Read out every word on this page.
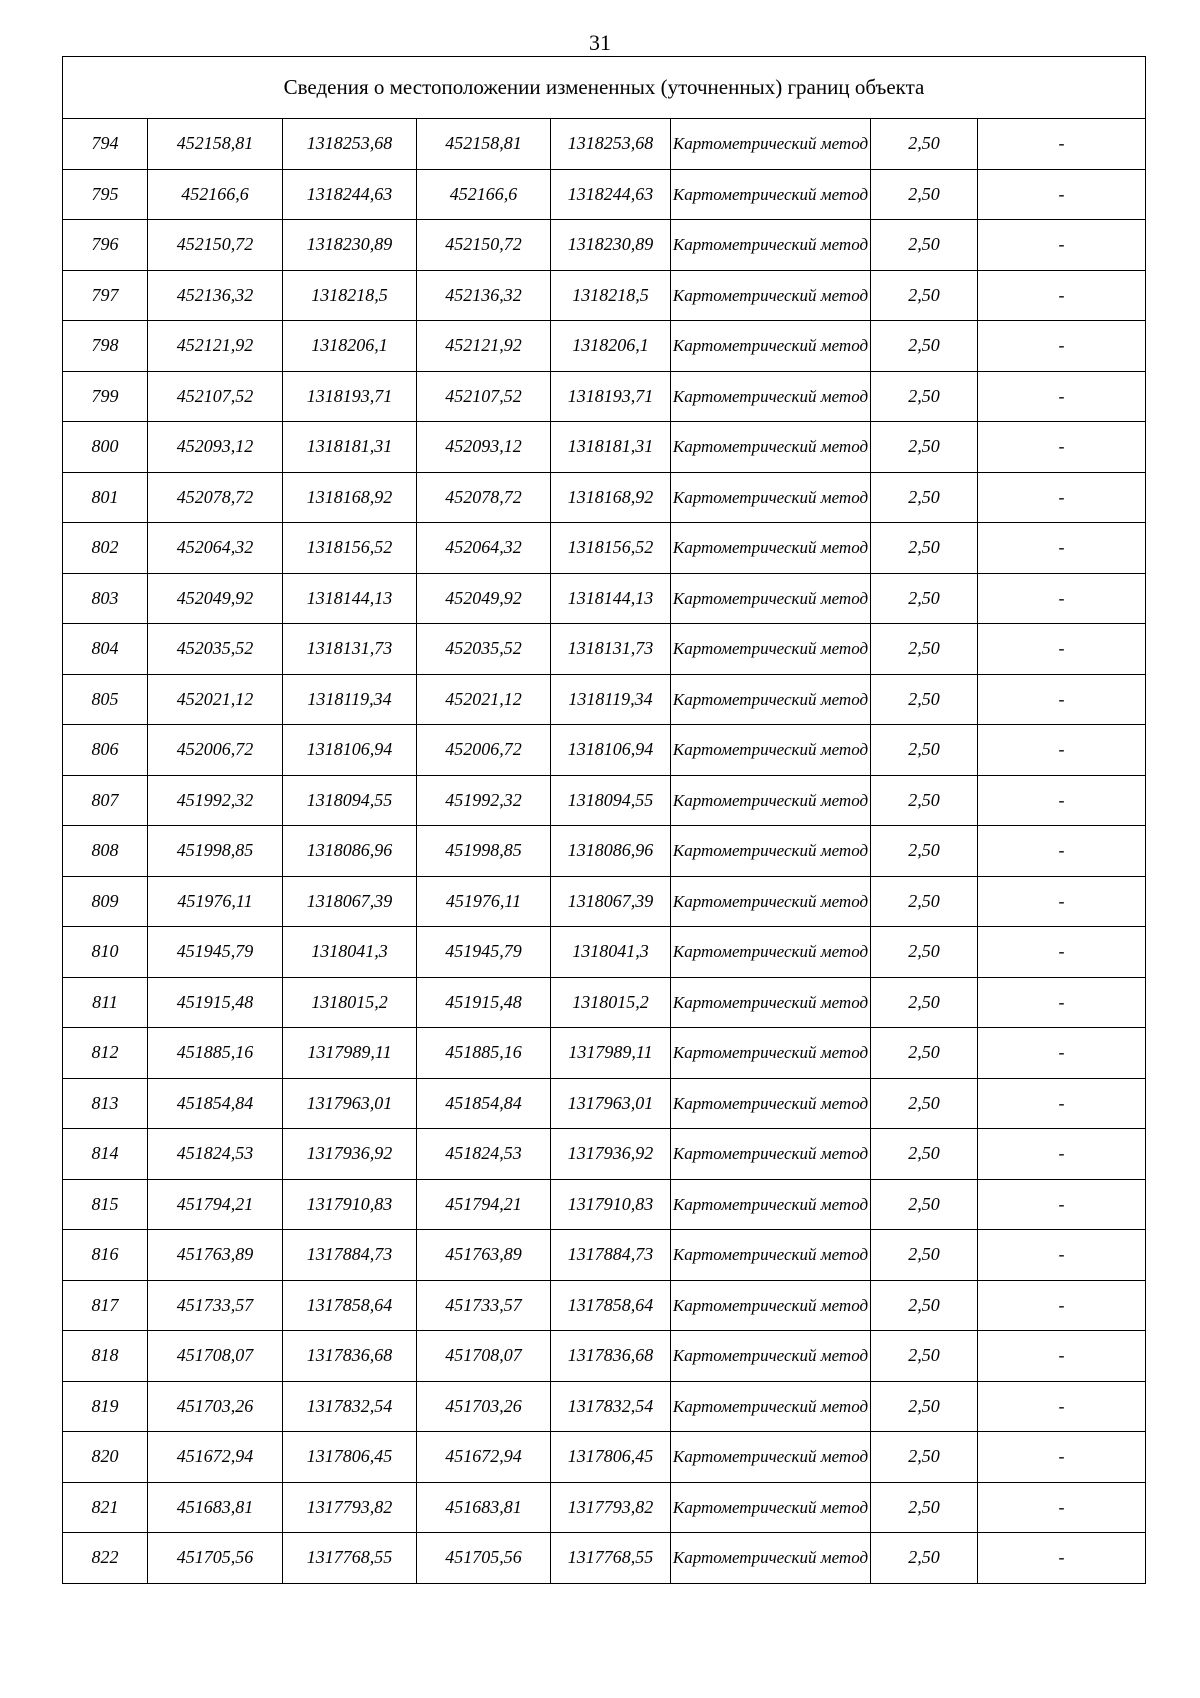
31
Сведения о местоположении измененных (уточненных) границ объекта							
794	452158,81	1318253,68	452158,81	1318253,68	Картометрический метод	2,50	-
795	452166,6	1318244,63	452166,6	1318244,63	Картометрический метод	2,50	-
796	452150,72	1318230,89	452150,72	1318230,89	Картометрический метод	2,50	-
797	452136,32	1318218,5	452136,32	1318218,5	Картометрический метод	2,50	-
798	452121,92	1318206,1	452121,92	1318206,1	Картометрический метод	2,50	-
799	452107,52	1318193,71	452107,52	1318193,71	Картометрический метод	2,50	-
800	452093,12	1318181,31	452093,12	1318181,31	Картометрический метод	2,50	-
801	452078,72	1318168,92	452078,72	1318168,92	Картометрический метод	2,50	-
802	452064,32	1318156,52	452064,32	1318156,52	Картометрический метод	2,50	-
803	452049,92	1318144,13	452049,92	1318144,13	Картометрический метод	2,50	-
804	452035,52	1318131,73	452035,52	1318131,73	Картометрический метод	2,50	-
805	452021,12	1318119,34	452021,12	1318119,34	Картометрический метод	2,50	-
806	452006,72	1318106,94	452006,72	1318106,94	Картометрический метод	2,50	-
807	451992,32	1318094,55	451992,32	1318094,55	Картометрический метод	2,50	-
808	451998,85	1318086,96	451998,85	1318086,96	Картометрический метод	2,50	-
809	451976,11	1318067,39	451976,11	1318067,39	Картометрический метод	2,50	-
810	451945,79	1318041,3	451945,79	1318041,3	Картометрический метод	2,50	-
811	451915,48	1318015,2	451915,48	1318015,2	Картометрический метод	2,50	-
812	451885,16	1317989,11	451885,16	1317989,11	Картометрический метод	2,50	-
813	451854,84	1317963,01	451854,84	1317963,01	Картометрический метод	2,50	-
814	451824,53	1317936,92	451824,53	1317936,92	Картометрический метод	2,50	-
815	451794,21	1317910,83	451794,21	1317910,83	Картометрический метод	2,50	-
816	451763,89	1317884,73	451763,89	1317884,73	Картометрический метод	2,50	-
817	451733,57	1317858,64	451733,57	1317858,64	Картометрический метод	2,50	-
818	451708,07	1317836,68	451708,07	1317836,68	Картометрический метод	2,50	-
819	451703,26	1317832,54	451703,26	1317832,54	Картометрический метод	2,50	-
820	451672,94	1317806,45	451672,94	1317806,45	Картометрический метод	2,50	-
821	451683,81	1317793,82	451683,81	1317793,82	Картометрический метод	2,50	-
822	451705,56	1317768,55	451705,56	1317768,55	Картометрический метод	2,50	-
